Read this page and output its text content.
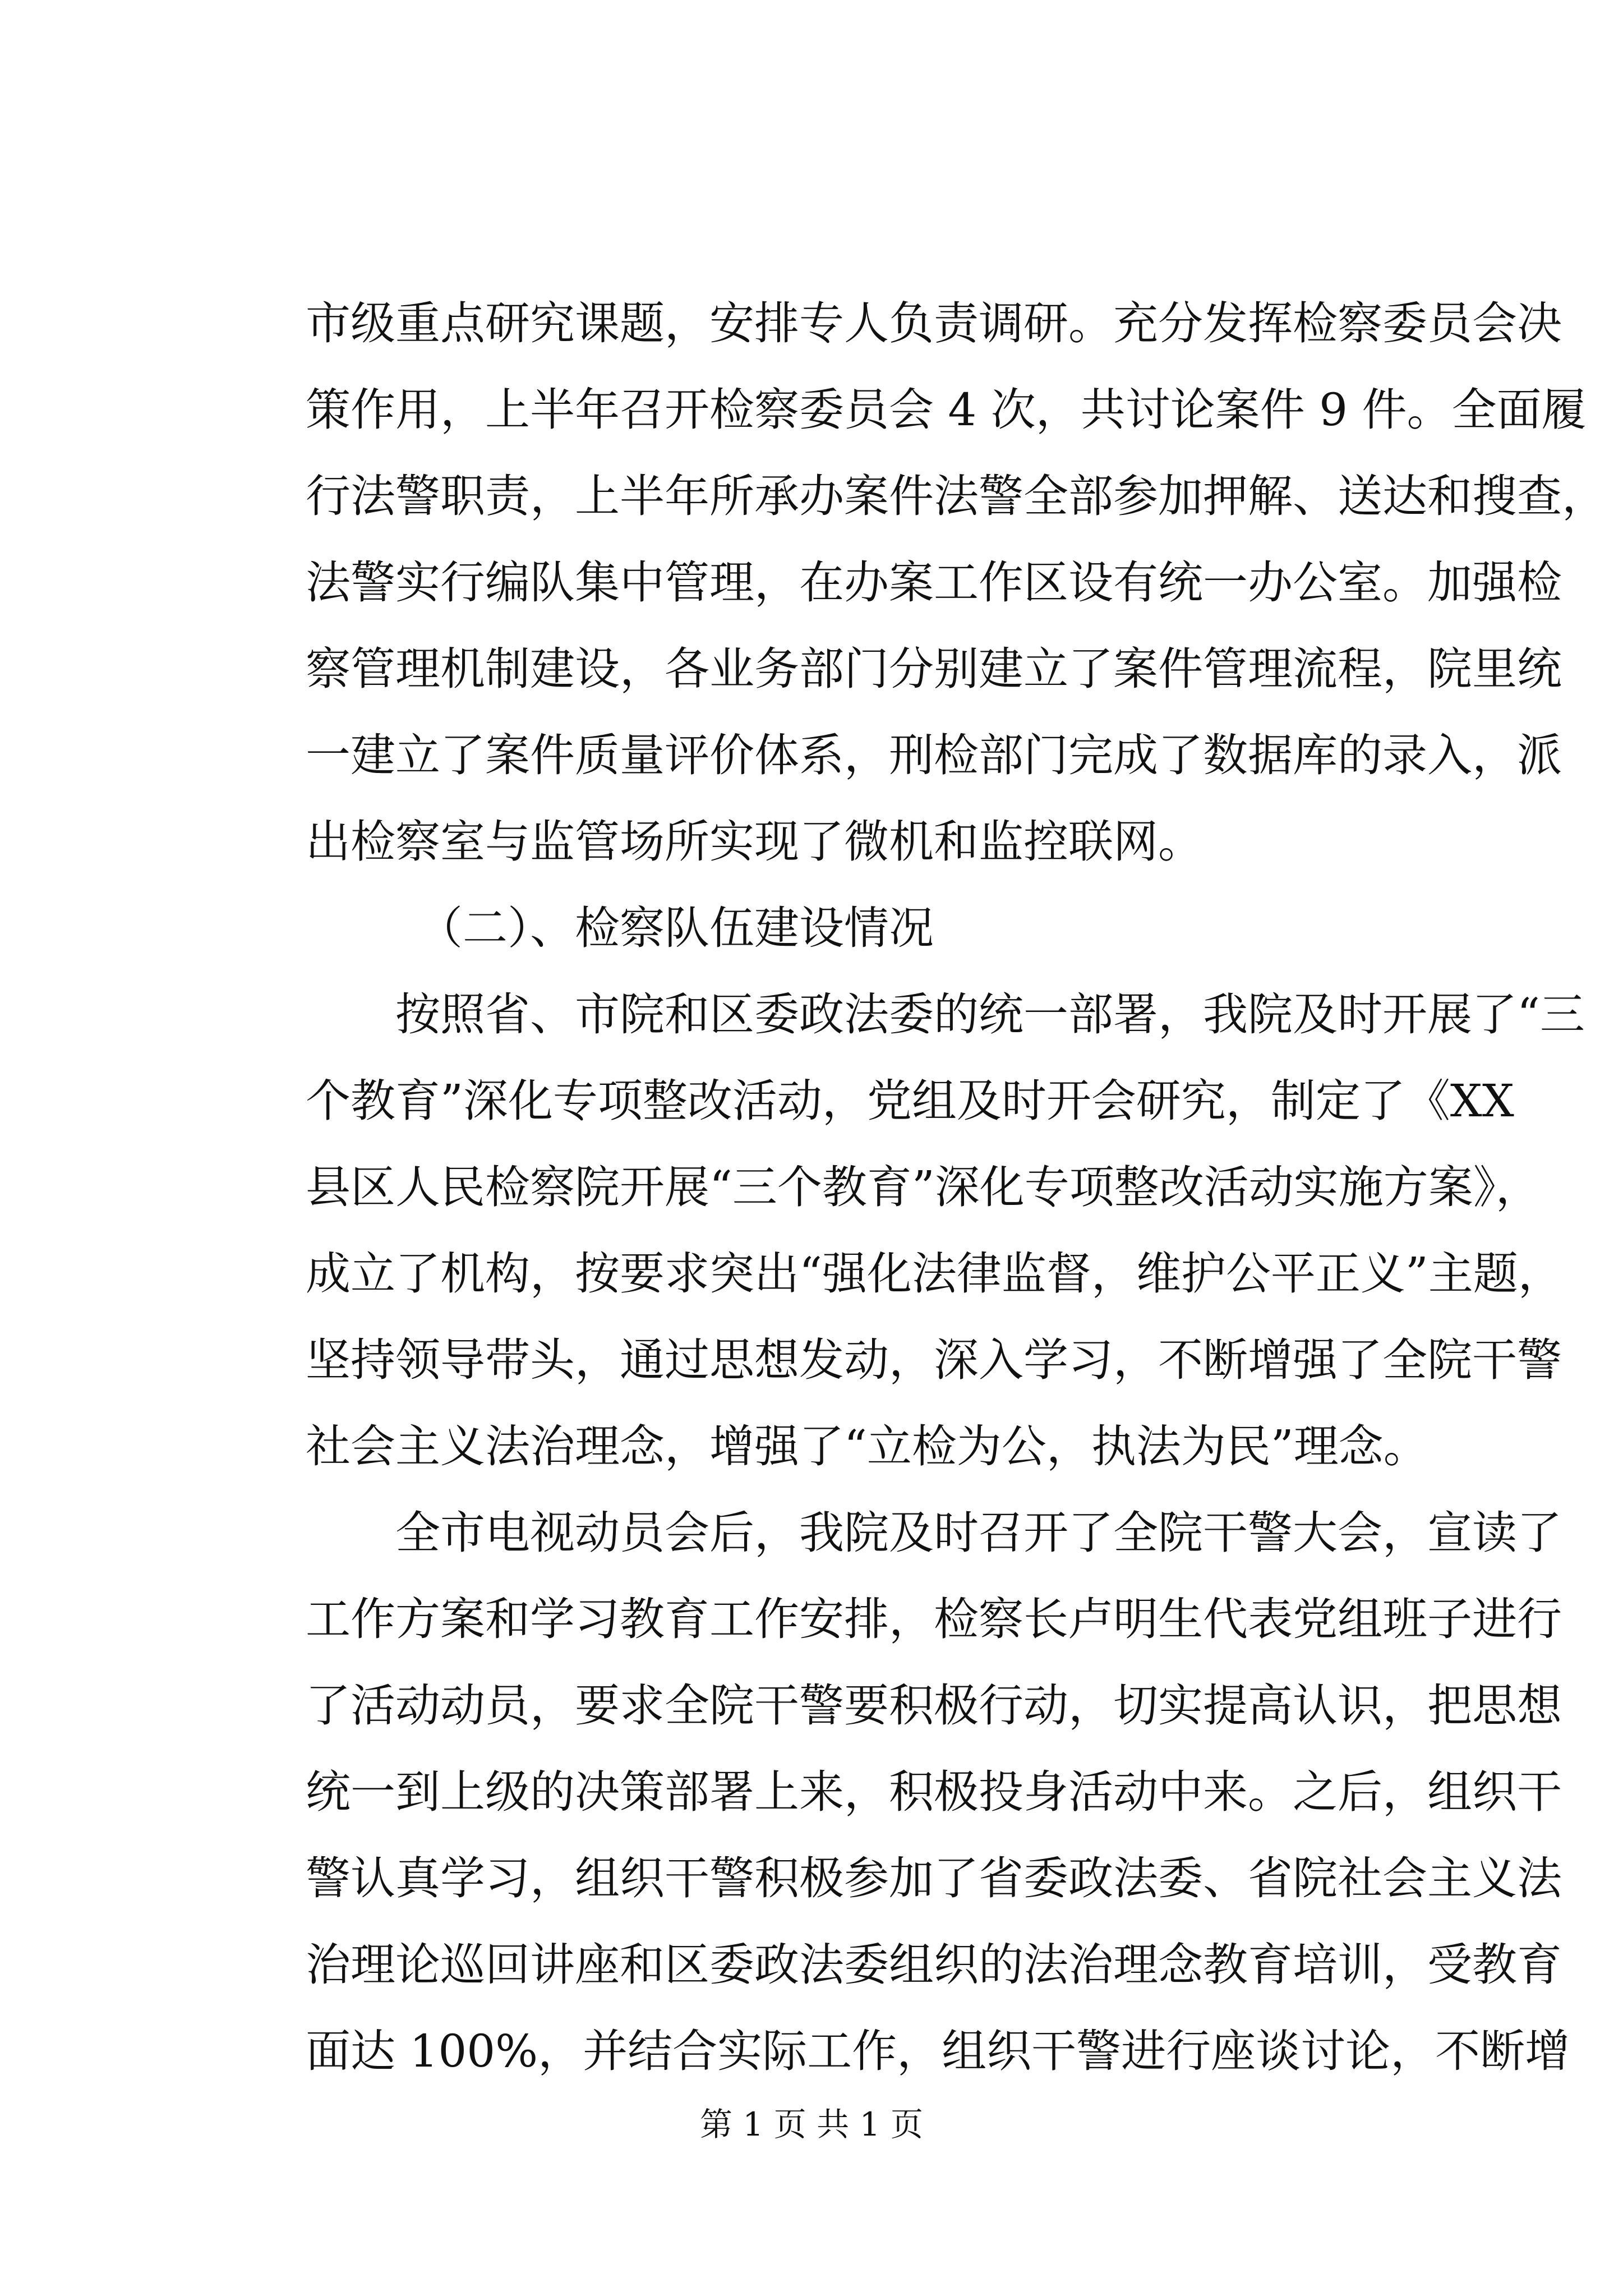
市级重点研究课题，安排专人负责调研。充分发挥检察委员会决
策作用，上半年召开检察委员会 4 次，共讨论案件 9 件。全面履
行法警职责，上半年所承办案件法警全部参加押解、送达和搜查，
法警实行编队集中管理，在办案工作区设有统一办公室。加强检
察管理机制建设，各业务部门分别建立了案件管理流程，院里统
一建立了案件质量评价体系，刑检部门完成了数据库的录入，派
出检察室与监管场所实现了微机和监控联网。
（二）、检察队伍建设情况
按照省、市院和区委政法委的统一部署，我院及时开展了“三
个教育”深化专项整改活动，党组及时开会研究，制定了《XX
县区人民检察院开展“三个教育”深化专项整改活动实施方案》，
成立了机构，按要求突出“强化法律监督，维护公平正义”主题，
坚持领导带头，通过思想发动，深入学习，不断增强了全院干警
社会主义法治理念，增强了“立检为公，执法为民”理念。
全市电视动员会后，我院及时召开了全院干警大会，宣读了
工作方案和学习教育工作安排，检察长卢明生代表党组班子进行
了活动动员，要求全院干警要积极行动，切实提高认识，把思想
统一到上级的决策部署上来，积极投身活动中来。之后，组织干
警认真学习，组织干警积极参加了省委政法委、省院社会主义法
治理论巡回讲座和区委政法委组织的法治理念教育培训，受教育
面达 100%，并结合实际工作，组织干警进行座谈讨论，不断增
第 1 页 共 1 页
